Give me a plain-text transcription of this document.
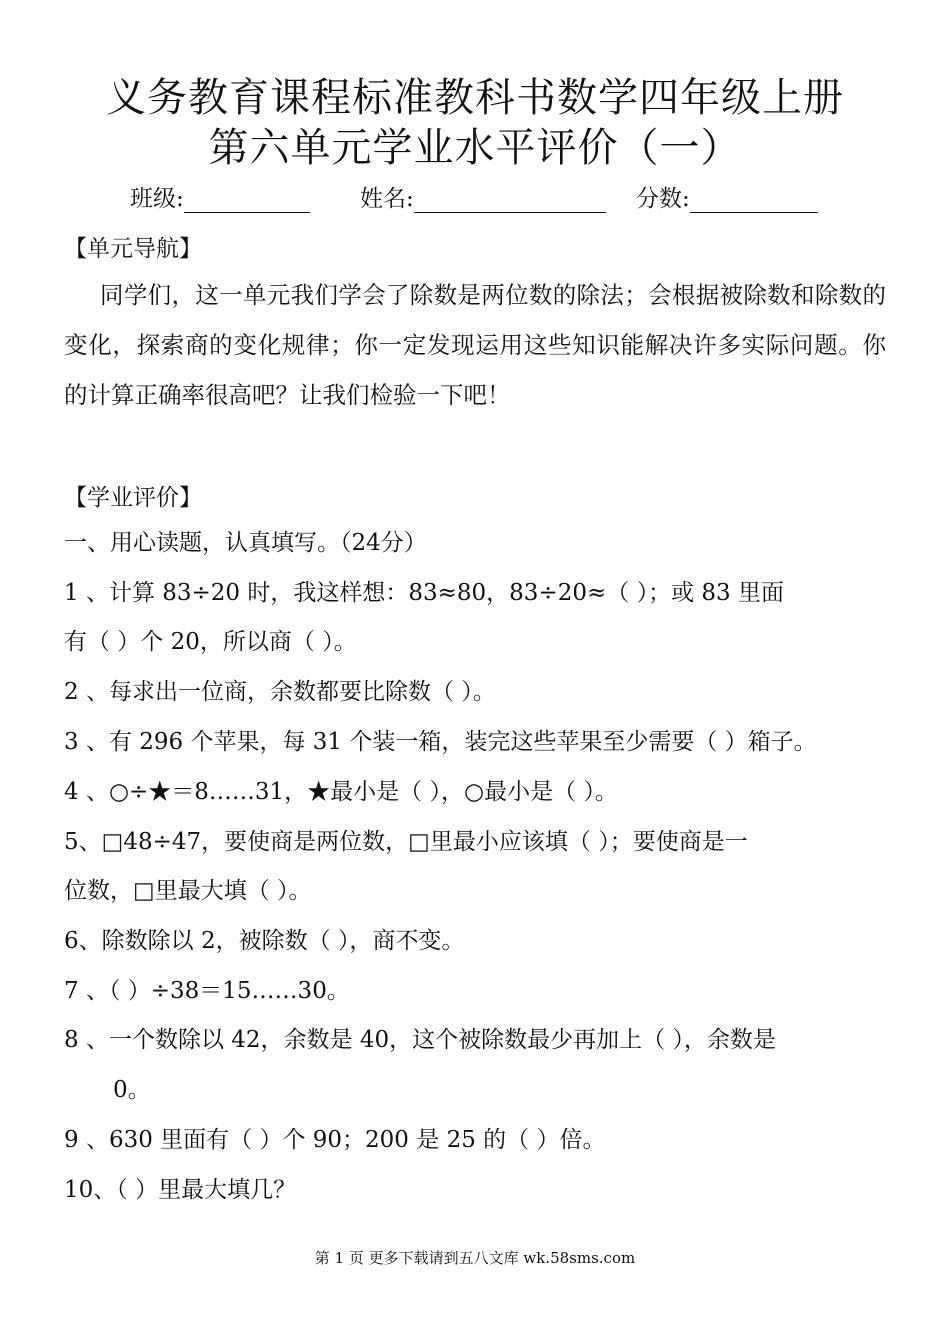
义务教育课程标准教科书数学四年级上册
第六单元学业水平评价（一）
班级:	姓名:	分数:
【单元导航】
同学们，这一单元我们学会了除数是两位数的除法；会根据被除数和除数的变化，探索商的变化规律；你一定发现运用这些知识能解决许多实际问题。你的计算正确率很高吧？让我们检验一下吧！
【学业评价】
一、用心读题，认真填写。（24分）
1 、计算 83÷20 时，我这样想：83≈80，83÷20≈（ ）；或 83 里面
有（ ）个 20，所以商（ ）。
2 、每求出一位商，余数都要比除数（ ）。
3 、有 296 个苹果，每 31 个装一箱，装完这些苹果至少需要（ ）箱子。
4 、○÷★＝8……31，★最小是（ ），○最小是（ ）。
5、□48÷47，要使商是两位数，□里最小应该填（ ）；要使商是一
位数，□里最大填（ ）。
6、除数除以 2，被除数（ ），商不变。
7 、（ ）÷38＝15……30。
8 、一个数除以 42，余数是 40，这个被除数最少再加上（ ），余数是
0。
9 、630 里面有（ ）个 90；200 是 25 的（ ）倍。
10、（ ）里最大填几？
第 1 页 更多下载请到五八文库 wk.58sms.com
